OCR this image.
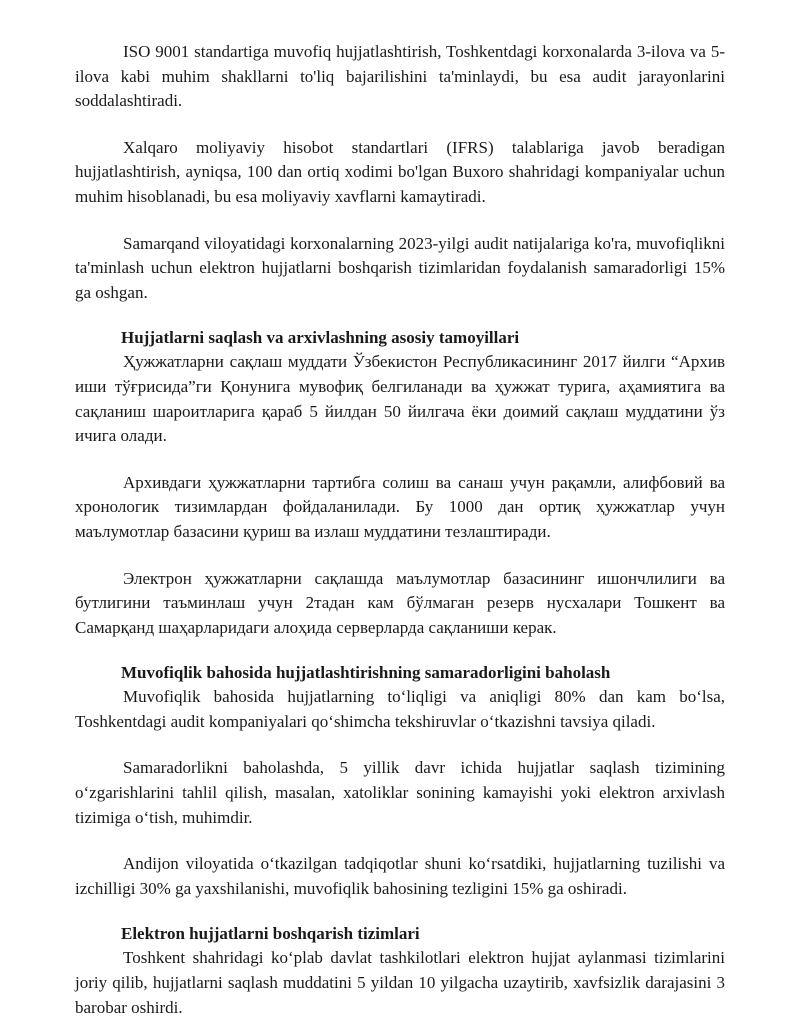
ISO 9001 standartiga muvofiq hujjatlashtirish, Toshkentdagi korxonalarda 3-ilova va 5-ilova kabi muhim shakllarni to'liq bajarilishini ta'minlaydi, bu esa audit jarayonlarini soddalashtiradi.

Xalqaro moliyaviy hisobot standartlari (IFRS) talablariga javob beradigan hujjatlashtirish, ayniqsa, 100 dan ortiq xodimi bo'lgan Buxoro shahridagi kompaniyalar uchun muhim hisoblanadi, bu esa moliyaviy xavflarni kamaytiradi.

Samarqand viloyatidagi korxonalarning 2023-yilgi audit natijalariga ko'ra, muvofiqlikni ta'minlash uchun elektron hujjatlarni boshqarish tizimlaridan foydalanish samaradorligi 15% ga oshgan.

Hujjatlarni saqlash va arxivlashning asosiy tamoyillari

Ҳужжатларни сақлаш муддати Ўзбекистон Республикасининг 2017 йилги “Архив иши тўғрисида”ги Қонунига мувофиқ белгиланади ва ҳужжат турига, аҳамиятига ва сақланиш шароитларига қараб 5 йилдан 50 йилгача ёки доимий сақлаш муддатини ўз ичига олади.

Архивдаги ҳужжатларни тартибга солиш ва санаш учун рақамли, алифбовий ва хронологик тизимлардан фойдаланилади. Бу 1000 дан ортиқ ҳужжатлар учун маълумотлар базасини қуриш ва излаш муддатини тезлаштиради.

Электрон ҳужжатларни сақлашда маълумотлар базасининг ишончлилиги ва бутлигини таъминлаш учун 2тадан кам бўлмаган резерв нусхалари Тошкент ва Самарқанд шаҳарларидаги алоҳида серверларда сақланиши керак.

Muvofiqlik bahosida hujjatlashtirishning samaradorligini baholash

Muvofiqlik bahosida hujjatlarning to‘liqligi va aniqligi 80% dan kam bo‘lsa, Toshkentdagi audit kompaniyalari qo‘shimcha tekshiruvlar o‘tkazishni tavsiya qiladi.

Samaradorlikni baholashda, 5 yillik davr ichida hujjatlar saqlash tizimining o‘zgarishlarini tahlil qilish, masalan, xatoliklar sonining kamayishi yoki elektron arxivlash tizimiga o‘tish, muhimdir.

Andijon viloyatida o‘tkazilgan tadqiqotlar shuni ko‘rsatdiki, hujjatlarning tuzilishi va izchilligi 30% ga yaxshilanishi, muvofiqlik bahosining tezligini 15% ga oshiradi.

Elektron hujjatlarni boshqarish tizimlari

Toshkent shahridagi ko‘plab davlat tashkilotlari elektron hujjat aylanmasi tizimlarini joriy qilib, hujjatlarni saqlash muddatini 5 yildan 10 yilgacha uzaytirib, xavfsizlik darajasini 3 barobar oshirdi.
